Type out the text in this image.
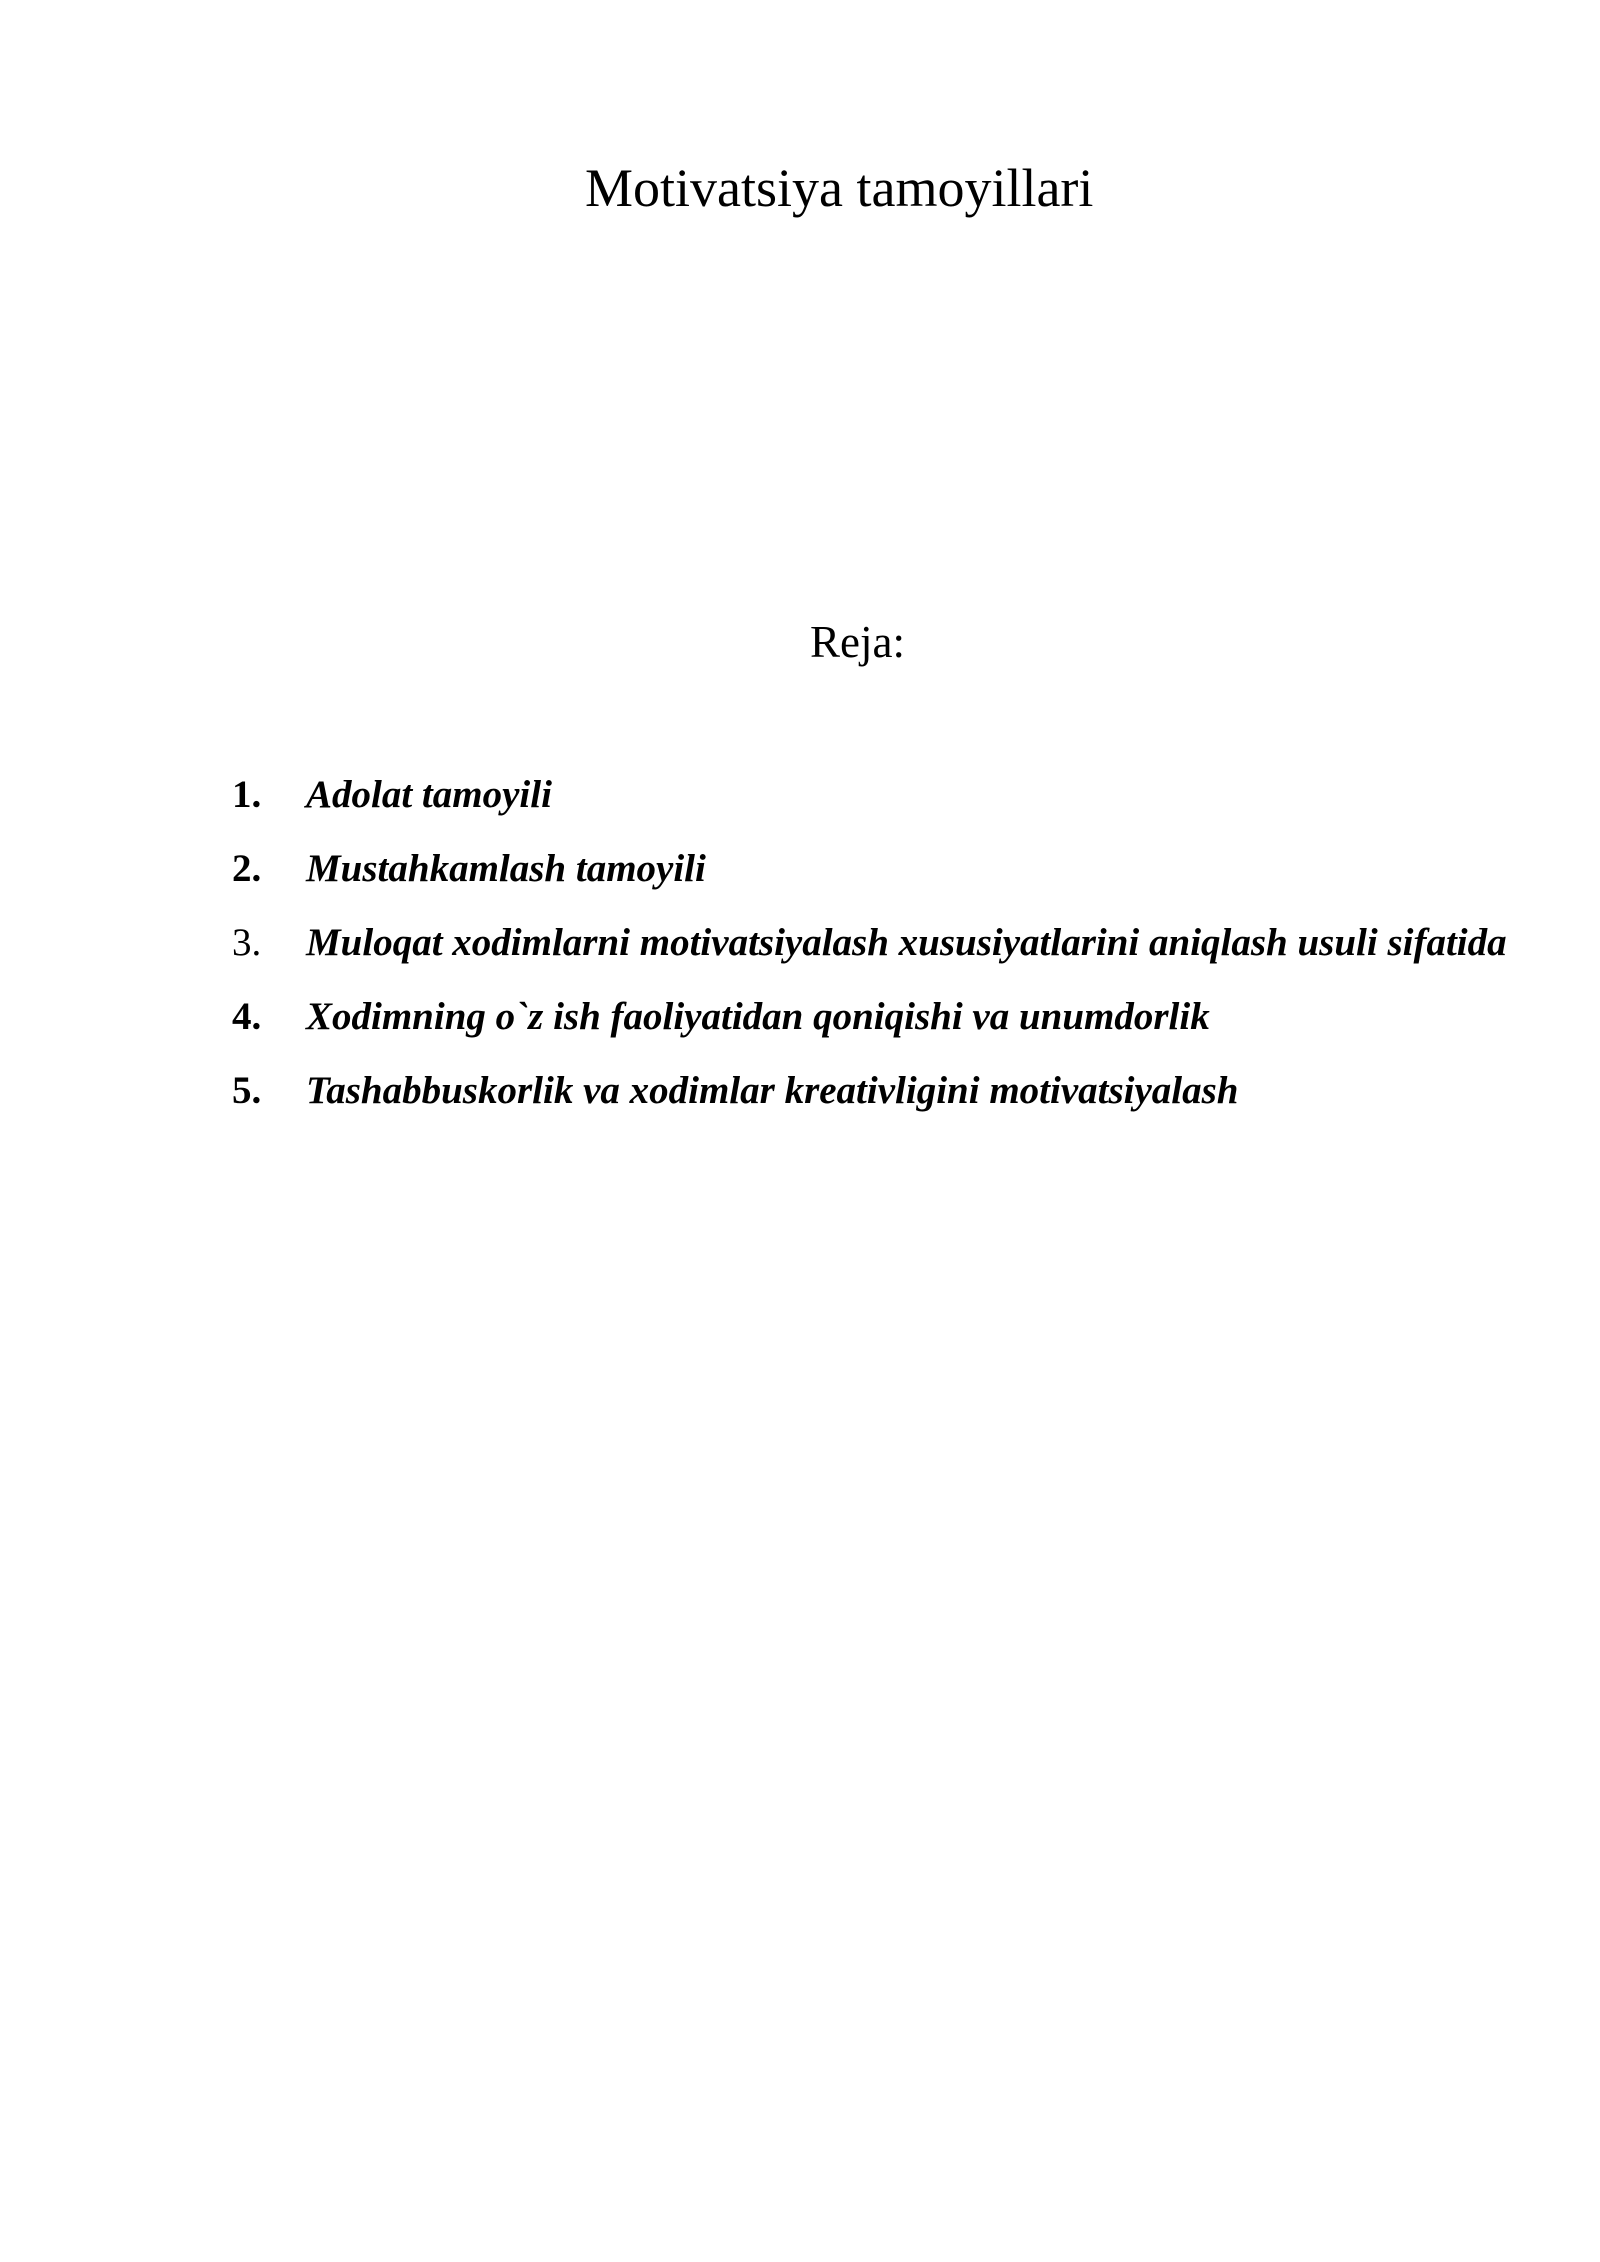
Motivatsiya tamoyillari
Reja:
1. Adolat tamoyili
2. Mustahkamlash tamoyili
3. Muloqat xodimlarni motivatsiyalash xususiyatlarini aniqlash usuli sifatida
4. Xodimning o`z ish faoliyatidan qoniqishi va unumdorlik
5. Tashabbuskorlik va xodimlar kreativligini motivatsiyalash
